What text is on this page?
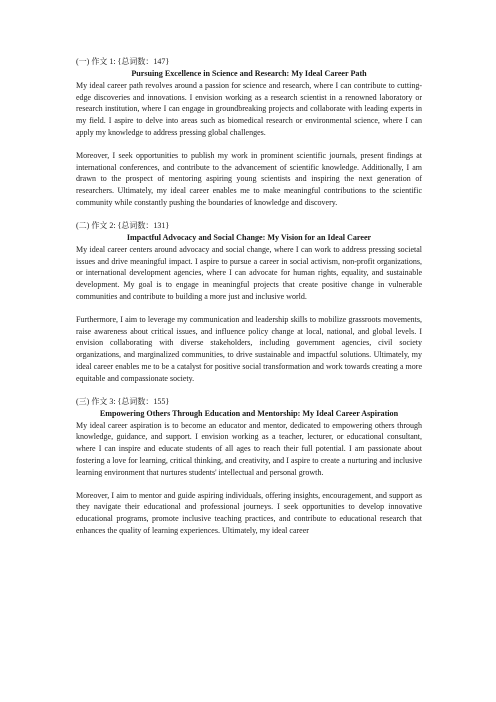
(一) 作文 1: {总词数：147}

Pursuing Excellence in Science and Research: My Ideal Career Path

My ideal career path revolves around a passion for science and research, where I can contribute to cutting-edge discoveries and innovations. I envision working as a research scientist in a renowned laboratory or research institution, where I can engage in groundbreaking projects and collaborate with leading experts in my field. I aspire to delve into areas such as biomedical research or environmental science, where I can apply my knowledge to address pressing global challenges.

Moreover, I seek opportunities to publish my work in prominent scientific journals, present findings at international conferences, and contribute to the advancement of scientific knowledge. Additionally, I am drawn to the prospect of mentoring aspiring young scientists and inspiring the next generation of researchers. Ultimately, my ideal career enables me to make meaningful contributions to the scientific community while constantly pushing the boundaries of knowledge and discovery.

(二) 作文 2: {总词数：131}

Impactful Advocacy and Social Change: My Vision for an Ideal Career

My ideal career centers around advocacy and social change, where I can work to address pressing societal issues and drive meaningful impact. I aspire to pursue a career in social activism, non-profit organizations, or international development agencies, where I can advocate for human rights, equality, and sustainable development. My goal is to engage in meaningful projects that create positive change in vulnerable communities and contribute to building a more just and inclusive world.

Furthermore, I aim to leverage my communication and leadership skills to mobilize grassroots movements, raise awareness about critical issues, and influence policy change at local, national, and global levels. I envision collaborating with diverse stakeholders, including government agencies, civil society organizations, and marginalized communities, to drive sustainable and impactful solutions. Ultimately, my ideal career enables me to be a catalyst for positive social transformation and work towards creating a more equitable and compassionate society.

(三) 作文 3: {总词数：155}

Empowering Others Through Education and Mentorship: My Ideal Career Aspiration

My ideal career aspiration is to become an educator and mentor, dedicated to empowering others through knowledge, guidance, and support. I envision working as a teacher, lecturer, or educational consultant, where I can inspire and educate students of all ages to reach their full potential. I am passionate about fostering a love for learning, critical thinking, and creativity, and I aspire to create a nurturing and inclusive learning environment that nurtures students' intellectual and personal growth.

Moreover, I aim to mentor and guide aspiring individuals, offering insights, encouragement, and support as they navigate their educational and professional journeys. I seek opportunities to develop innovative educational programs, promote inclusive teaching practices, and contribute to educational research that enhances the quality of learning experiences. Ultimately, my ideal career
